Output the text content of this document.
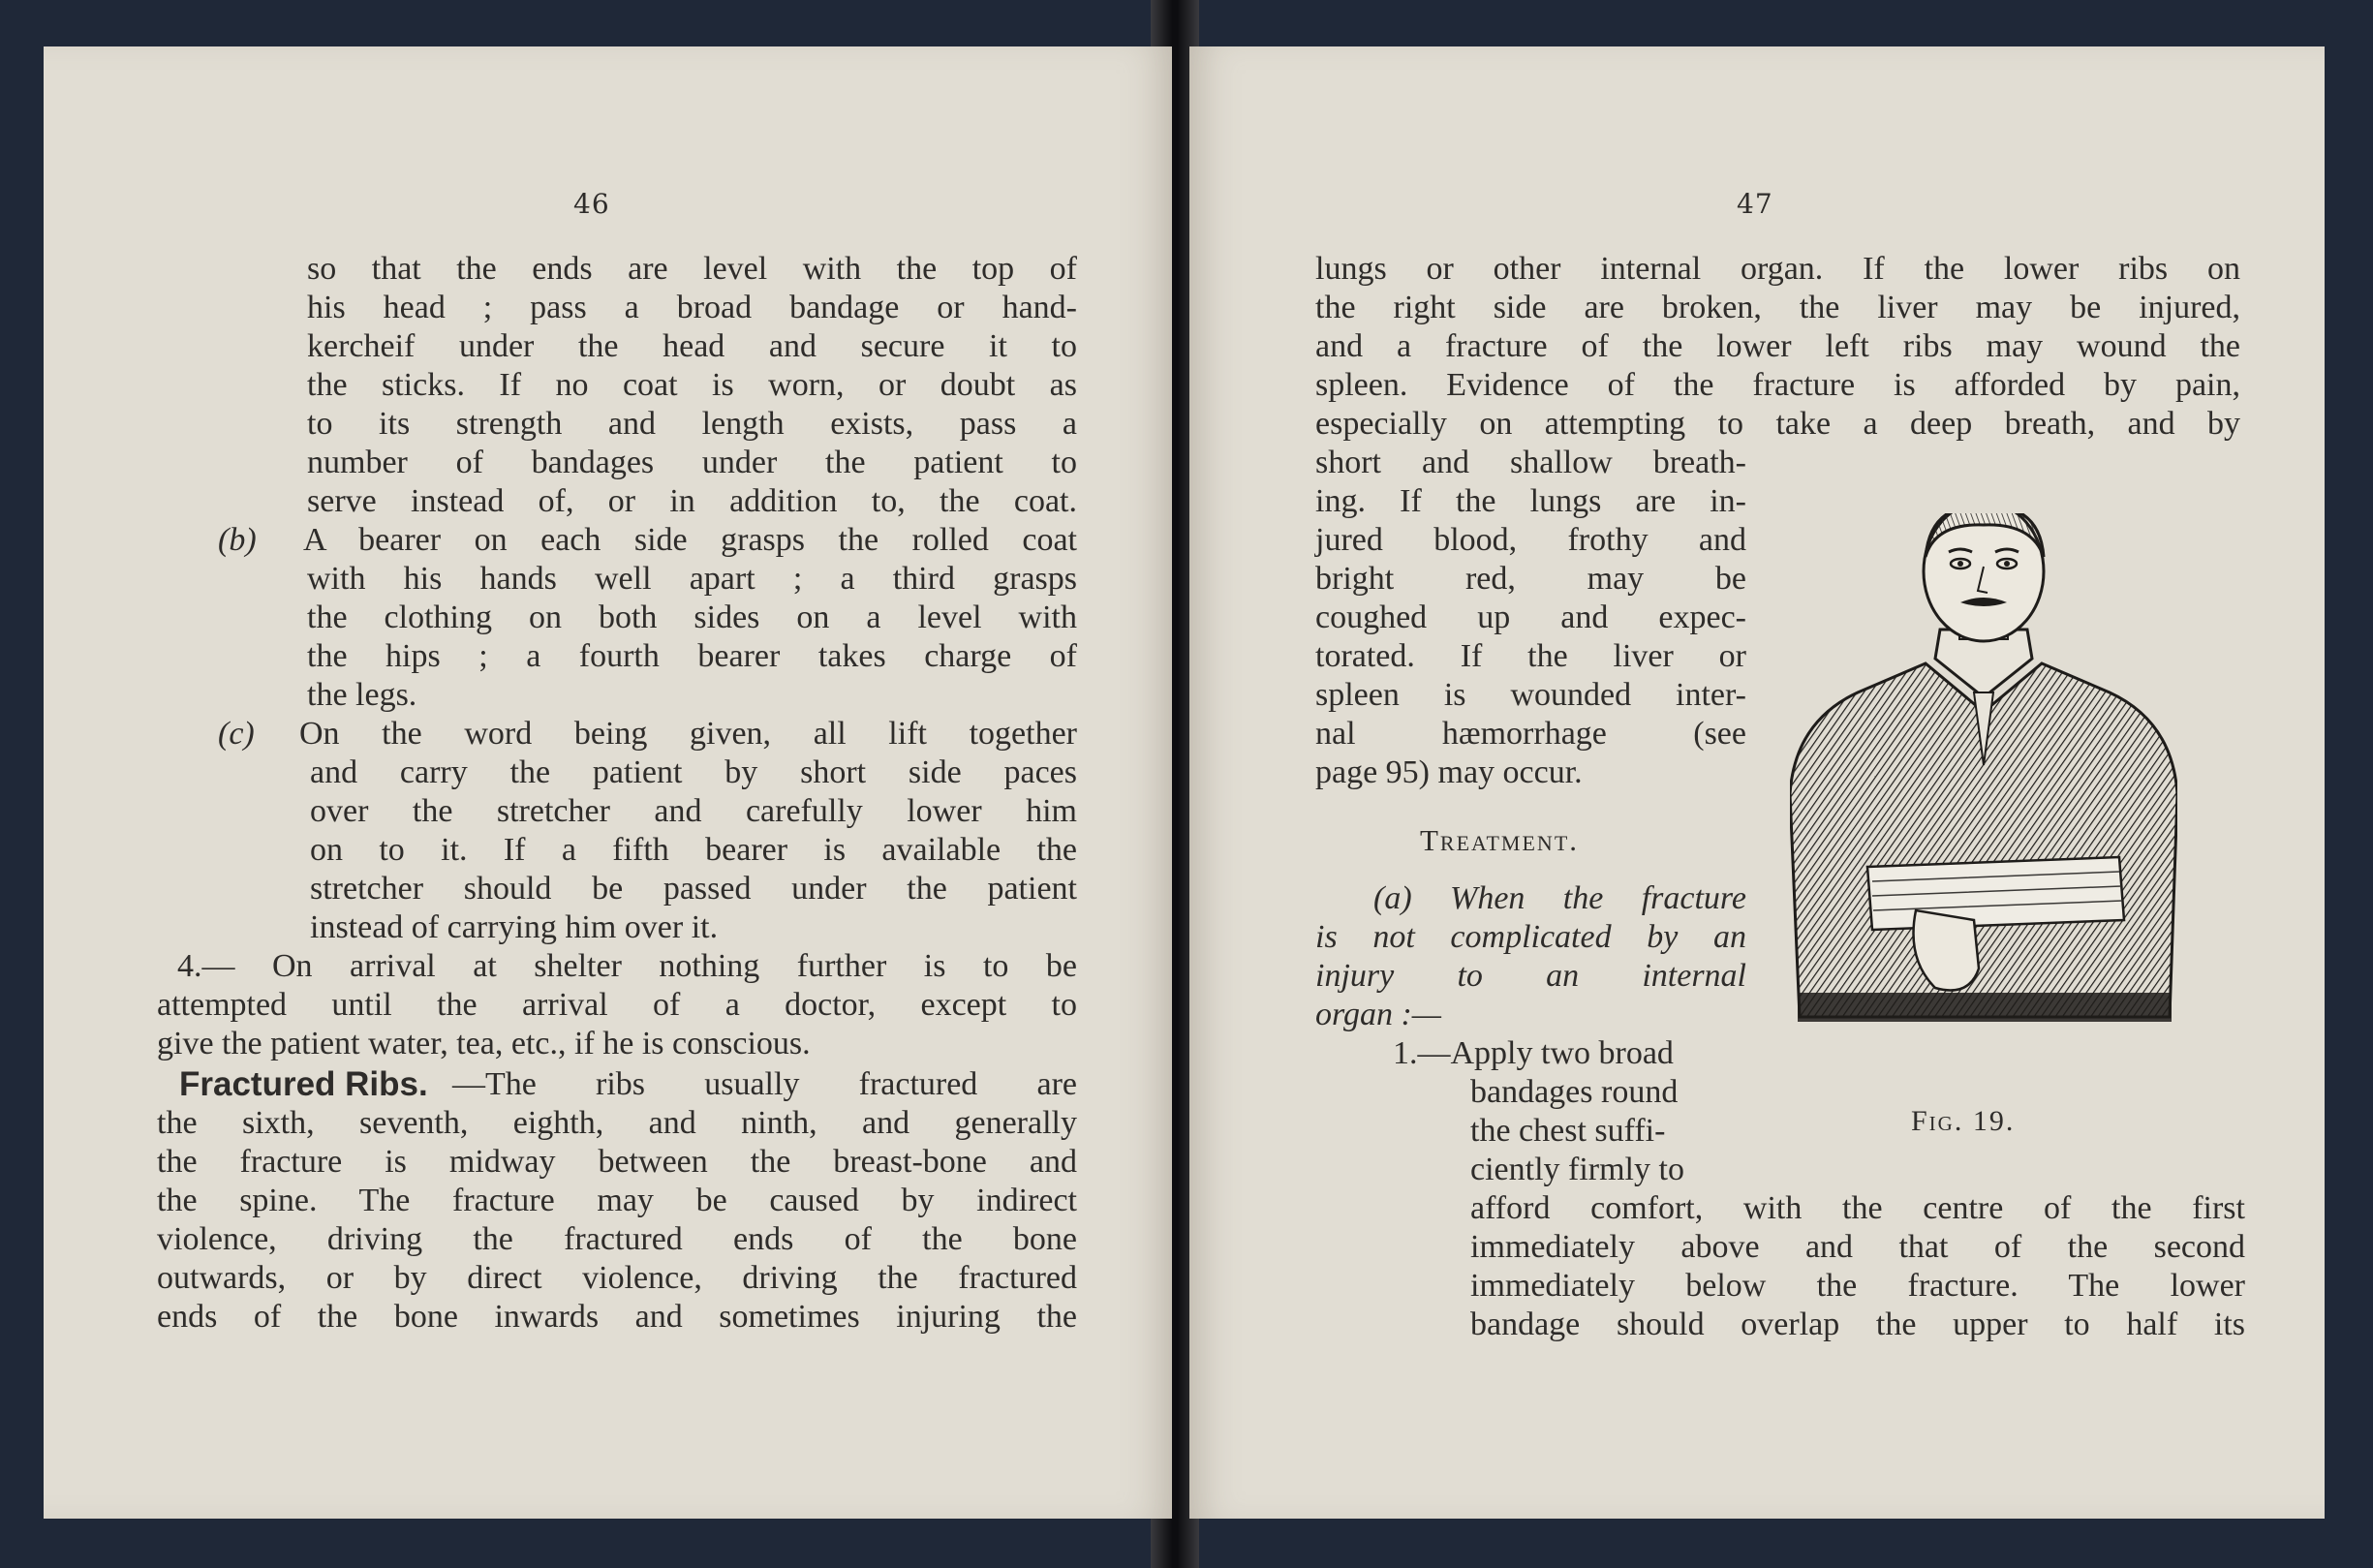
46
so that the ends are level with the top of
his head ; pass a broad bandage or hand-
kercheif under the head and secure it to
the sticks. If no coat is worn, or doubt as
to its strength and length exists, pass a
number of bandages under the patient to
serve instead of, or in addition to, the coat.
(b) A bearer on each side grasps the rolled coat
with his hands well apart ; a third grasps
the clothing on both sides on a level with
the hips ; a fourth bearer takes charge of
the legs.
(c) On the word being given, all lift together
and carry the patient by short side paces
over the stretcher and carefully lower him
on to it. If a fifth bearer is available the
stretcher should be passed under the patient
instead of carrying him over it.
4.— On arrival at shelter nothing further is to be
attempted until the arrival of a doctor, except to
give the patient water, tea, etc., if he is conscious.
Fractured Ribs. —The ribs usually fractured are
the sixth, seventh, eighth, and ninth, and generally
the fracture is midway between the breast-bone and
the spine. The fracture may be caused by indirect
violence, driving the fractured ends of the bone
outwards, or by direct violence, driving the fractured
ends of the bone inwards and sometimes injuring the
47
lungs or other internal organ. If the lower ribs on
the right side are broken, the liver may be injured,
and a fracture of the lower left ribs may wound the
spleen. Evidence of the fracture is afforded by pain,
especially on attempting to take a deep breath, and by
short and shallow breath-
ing. If the lungs are in-
jured blood, frothy and
bright red, may be
coughed up and expec-
torated. If the liver or
spleen is wounded inter-
nal hæmorrhage (see
page 95) may occur.
Treatment.
(a) When the fracture
is not complicated by an
injury to an internal
organ :—
1.—Apply two broad
bandages round
the chest suffi-
ciently firmly to
afford comfort, with the centre of the first
immediately above and that of the second
immediately below the fracture. The lower
bandage should overlap the upper to half its
Fig. 19.
